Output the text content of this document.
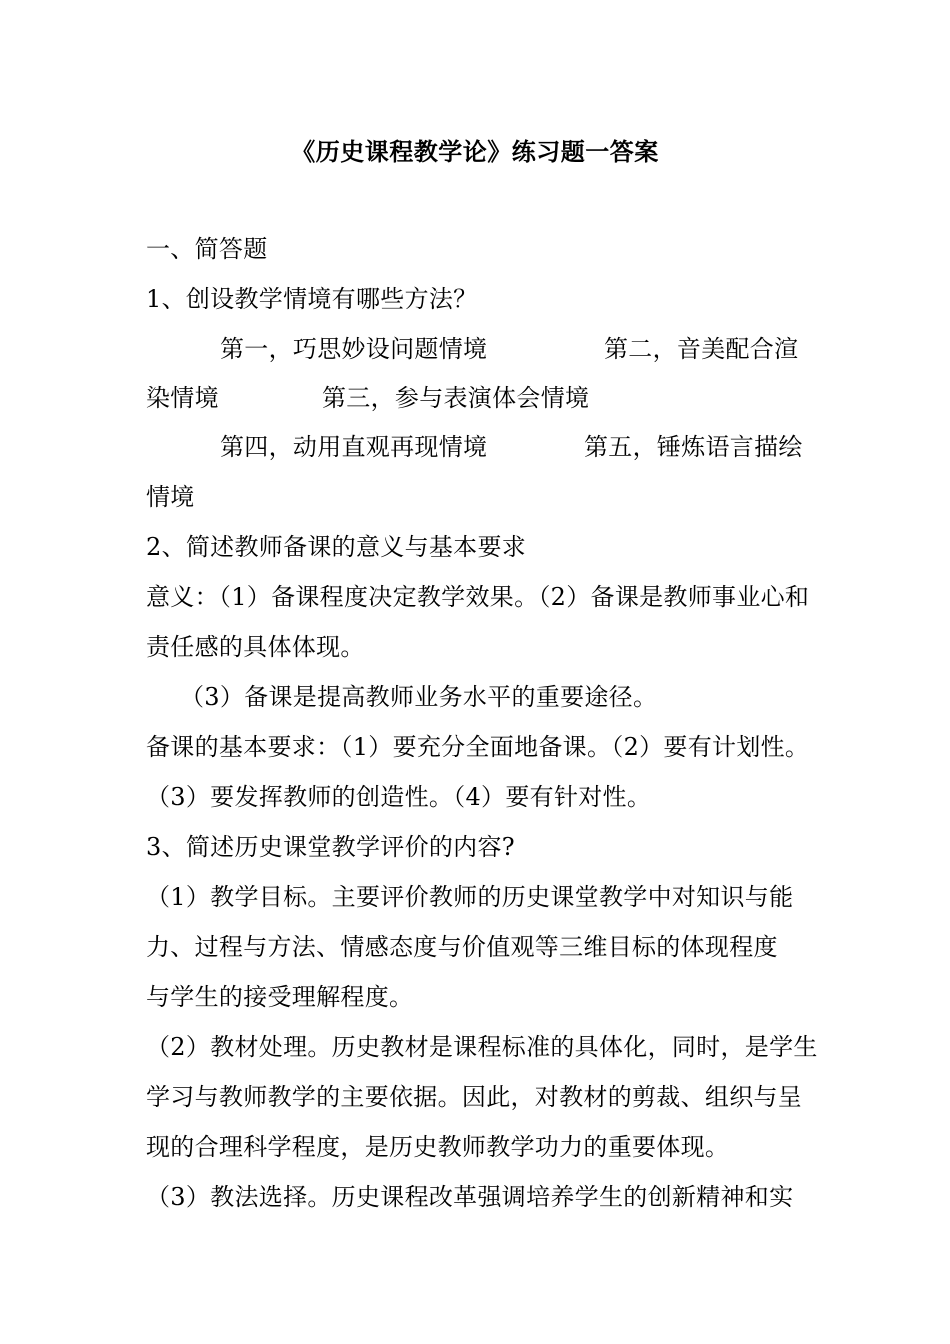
《历史课程教学论》练习题一答案
一、简答题
1、创设教学情境有哪些方法？
第一，巧思妙设问题情境	第二，音美配合渲
染情境	第三，参与表演体会情境
第四，动用直观再现情境	第五，锤炼语言描绘
情境
2、简述教师备课的意义与基本要求
意义：（1）备课程度决定教学效果。（2）备课是教师事业心和
责任感的具体体现。
（3）备课是提高教师业务水平的重要途径。
备课的基本要求：（1）要充分全面地备课。（2）要有计划性。
（3）要发挥教师的创造性。（4）要有针对性。
3、简述历史课堂教学评价的内容?
（1）教学目标。主要评价教师的历史课堂教学中对知识与能
力、过程与方法、情感态度与价值观等三维目标的体现程度
与学生的接受理解程度。
（2）教材处理。历史教材是课程标准的具体化，同时，是学生
学习与教师教学的主要依据。因此，对教材的剪裁、组织与呈
现的合理科学程度，是历史教师教学功力的重要体现。
（3）教法选择。历史课程改革强调培养学生的创新精神和实
